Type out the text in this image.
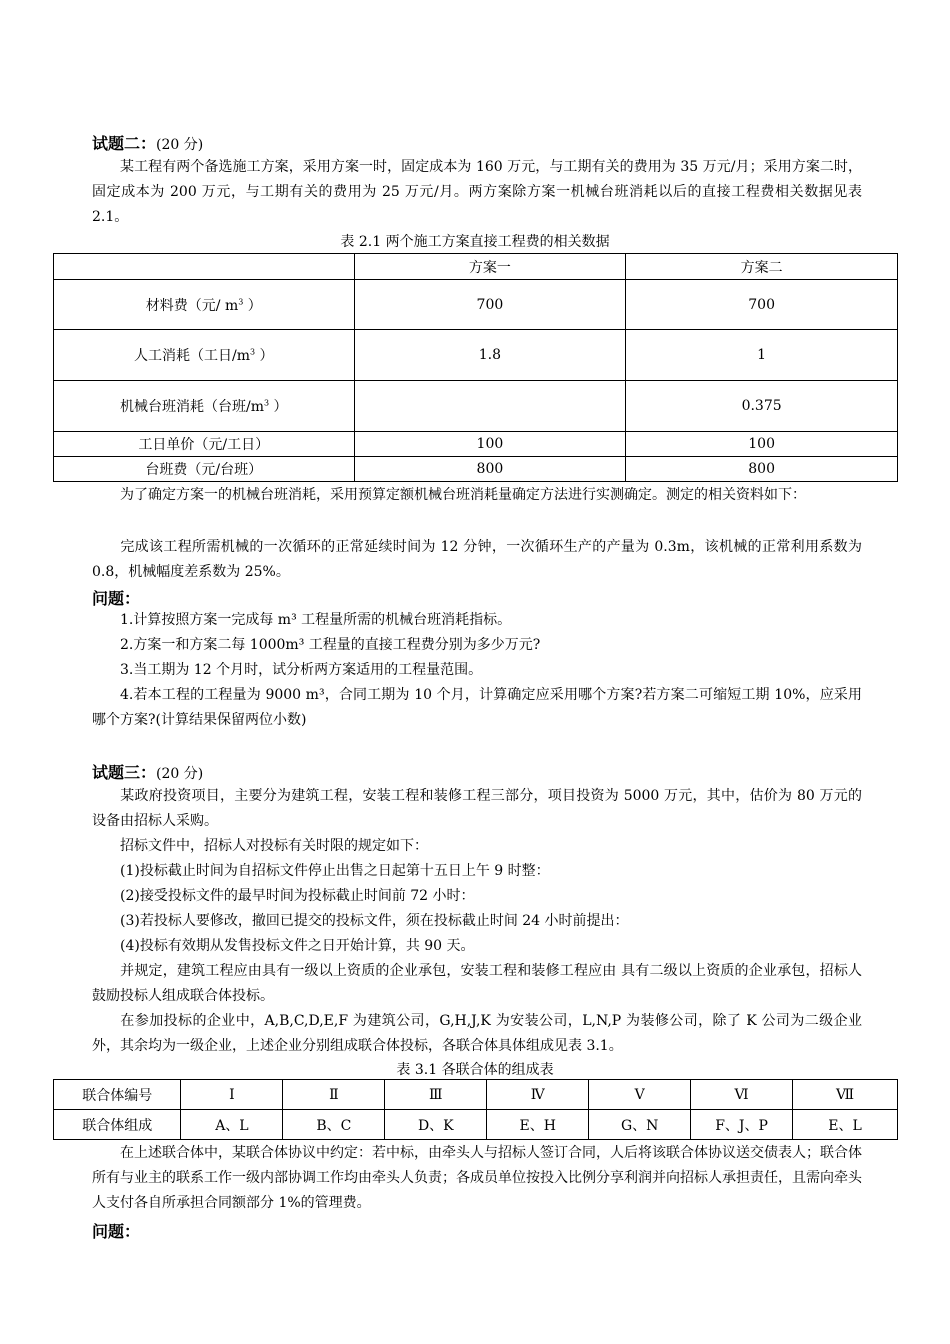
试题二：(20 分)

某工程有两个备选施工方案，采用方案一时，固定成本为 160 万元，与工期有关的费用为 35 万元/月；采用方案二时，固定成本为 200 万元，与工期有关的费用为 25 万元/月。两方案除方案一机械台班消耗以后的直接工程费相关数据见表 2.1。

表 2.1 两个施工方案直接工程费的相关数据
	方案一	方案二
材料费（元/ $m^3$ ）	700	700
人工消耗（工日$/m^3$ ）	1.8	1
机械台班消耗（台班$/m^3$ ）		0.375
工日单价（元/工日）	100	100
台班费（元/台班）	800	800

为了确定方案一的机械台班消耗，采用预算定额机械台班消耗量确定方法进行实测确定。测定的相关资料如下：

完成该工程所需机械的一次循环的正常延续时间为 12 分钟，一次循环生产的产量为 0.3m，该机械的正常利用系数为 0.8，机械幅度差系数为 25%。

问题：
1.计算按照方案一完成每 m³ 工程量所需的机械台班消耗指标。
2.方案一和方案二每 1000m³ 工程量的直接工程费分别为多少万元?
3.当工期为 12 个月时，试分析两方案适用的工程量范围。

4.若本工程的工程量为 9000 m³，合同工期为 10 个月，计算确定应采用哪个方案?若方案二可缩短工期 10%，应采用哪个方案?(计算结果保留两位小数)

试题三：(20 分)

某政府投资项目，主要分为建筑工程，安装工程和装修工程三部分，项目投资为 5000 万元，其中，估价为 80 万元的设备由招标人采购。

招标文件中，招标人对投标有关时限的规定如下：
(1)投标截止时间为自招标文件停止出售之日起第十五日上午 9 时整：
(2)接受投标文件的最早时间为投标截止时间前 72 小时：
(3)若投标人要修改，撤回已提交的投标文件，须在投标截止时间 24 小时前提出：
(4)投标有效期从发售投标文件之日开始计算，共 90 天。

并规定，建筑工程应由具有一级以上资质的企业承包，安装工程和装修工程应由 具有二级以上资质的企业承包，招标人鼓励投标人组成联合体投标。

在参加投标的企业中，A,B,C,D,E,F 为建筑公司，G,H,J,K 为安装公司，L,N,P 为装修公司，除了 K 公司为二级企业外，其余均为一级企业，上述企业分别组成联合体投标，各联合体具体组成见表 3.1。

表 3.1 各联合体的组成表
联合体编号	Ⅰ	Ⅱ	Ⅲ	Ⅳ	Ⅴ	Ⅵ	Ⅶ
联合体组成	A、L	B、C	D、K	E、H	G、N	F、J、P	E、L

在上述联合体中，某联合体协议中约定：若中标，由牵头人与招标人签订合同，人后将该联合体协议送交债表人；联合体所有与业主的联系工作一级内部协调工作均由牵头人负责；各成员单位按投入比例分享利润并向招标人承担责任，且需向牵头人支付各自所承担合同额部分 1%的管理费。

问题：
